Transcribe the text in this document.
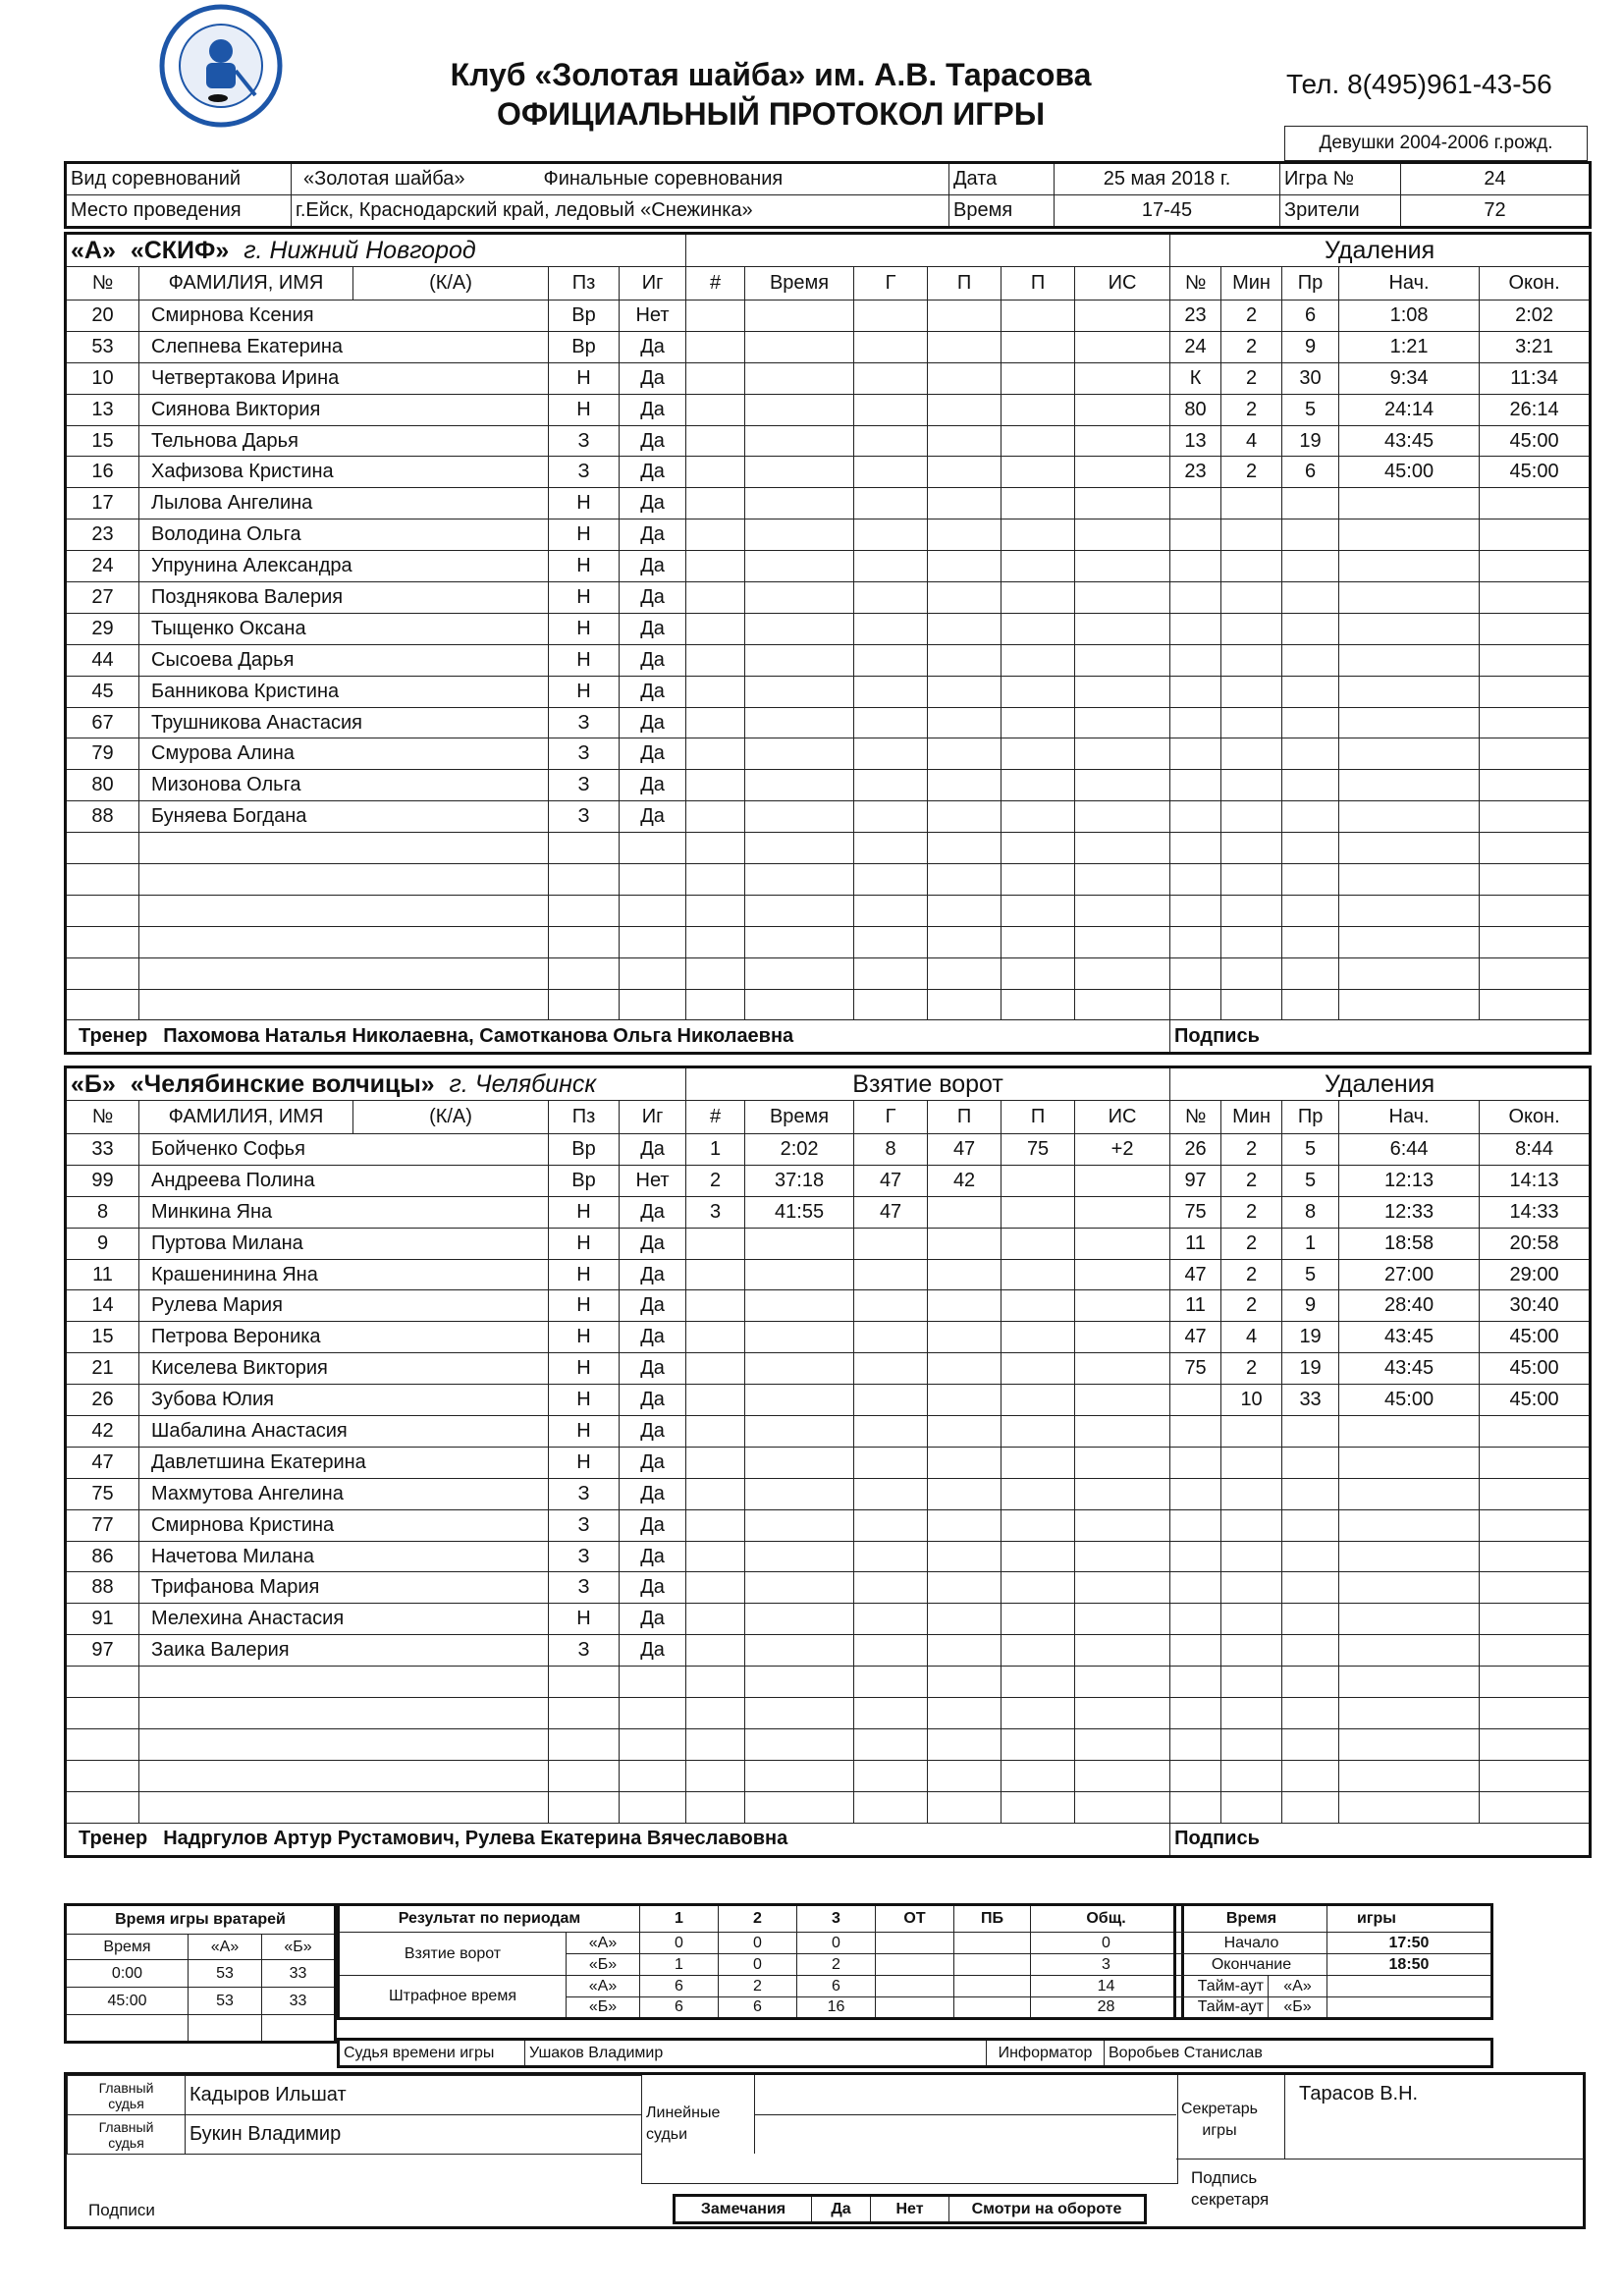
Клуб «Золотая шайба» им. А.В. Тарасова
ОФИЦИАЛЬНЫЙ ПРОТОКОЛ ИГРЫ
Тел. 8(495)961-43-56
Девушки 2004-2006 г.рожд.
Вид соревнований	«Золотая шайба» Финальные соревнования	Дата	25 мая 2018 г.	Игра №	24
Место проведения	г.Ейск, Краснодарский край, ледовый «Снежинка»	Время	17-45	Зрители	72
«А» «СКИФ» г. Нижний Новгород											Удаления				
№	ФАМИЛИЯ, ИМЯ	(К/А)	Пз	Иг	#	Время	Г	П	П	ИС	№	Мин	Пр	Нач.	Окон.
20	Смирнова Ксения		Вр	Нет							23	2	6	1:08	2:02
53	Слепнева Екатерина		Вр	Да							24	2	9	1:21	3:21
10	Четвертакова Ирина		Н	Да							К	2	30	9:34	11:34
13	Сиянова Виктория		Н	Да							80	2	5	24:14	26:14
15	Тельнова Дарья		З	Да							13	4	19	43:45	45:00
16	Хафизова Кристина		З	Да							23	2	6	45:00	45:00
17	Лылова Ангелина		Н	Да											
23	Володина Ольга		Н	Да											
24	Упрунина Александра		Н	Да											
27	Позднякова Валерия		Н	Да											
29	Тыщенко Оксана		Н	Да											
44	Сысоева Дарья		Н	Да											
45	Банникова Кристина		Н	Да											
67	Трушникова Анастасия		З	Да											
79	Смурова Алина		З	Да											
80	Мизонова Ольга		З	Да											
88	Буняева Богдана		З	Да											

Тренер Пахомова Наталья Николаевна, Самотканова Ольга Николаевна											Подпись				
«Б» «Челябинские волчицы» г. Челябинск					Взятие ворот						Удаления				
№	ФАМИЛИЯ, ИМЯ	(К/А)	Пз	Иг	#	Время	Г	П	П	ИС	№	Мин	Пр	Нач.	Окон.
33	Бойченко Софья		Вр	Да	1	2:02	8	47	75	+2	26	2	5	6:44	8:44
99	Андреева Полина		Вр	Нет	2	37:18	47	42			97	2	5	12:13	14:13
8	Минкина Яна		Н	Да	3	41:55	47				75	2	8	12:33	14:33
9	Пуртова Милана		Н	Да							11	2	1	18:58	20:58
11	Крашенинина Яна		Н	Да							47	2	5	27:00	29:00
14	Рулева Мария		Н	Да							11	2	9	28:40	30:40
15	Петрова Вероника		Н	Да							47	4	19	43:45	45:00
21	Киселева Виктория		Н	Да							75	2	19	43:45	45:00
26	Зубова Юлия		Н	Да								10	33	45:00	45:00
42	Шабалина Анастасия		Н	Да											
47	Давлетшина Екатерина		Н	Да											
75	Махмутова Ангелина		З	Да											
77	Смирнова Кристина		З	Да											
86	Начетова Милана		З	Да											
88	Трифанова Мария		З	Да											
91	Мелехина Анастасия		Н	Да											
97	Заика Валерия		З	Да											

Тренер Надргулов Артур Рустамович, Рулева Екатерина Вячеславовна											Подпись				
Время игры вратарей		
Время	«А»	«Б»
0:00	53	33
45:00	53	33

Результат по периодам		1	2	3	ОТ	ПБ	Общ.
Взятие ворот	«А»	0	0	0			0
	«Б»	1	0	2			3
Штрафное время	«А»	6	2	6			14
	«Б»	6	6	16			28
Время		игры
Начало		17:50
Окончание		18:50
Тайм-аут	«А»	
Тайм-аут	«Б»	
Судья времени игры	Ушаков Владимир	Информатор	Воробьев Станислав
Главный
судья	Кадыров Ильшат

Главный
судья	Букин Владимир
Линейные
судьи
Секретарь
игры
Тарасов В.Н.
Подпись
секретаря
Подписи	Замечания	Да	Нет	Смотри на обороте
